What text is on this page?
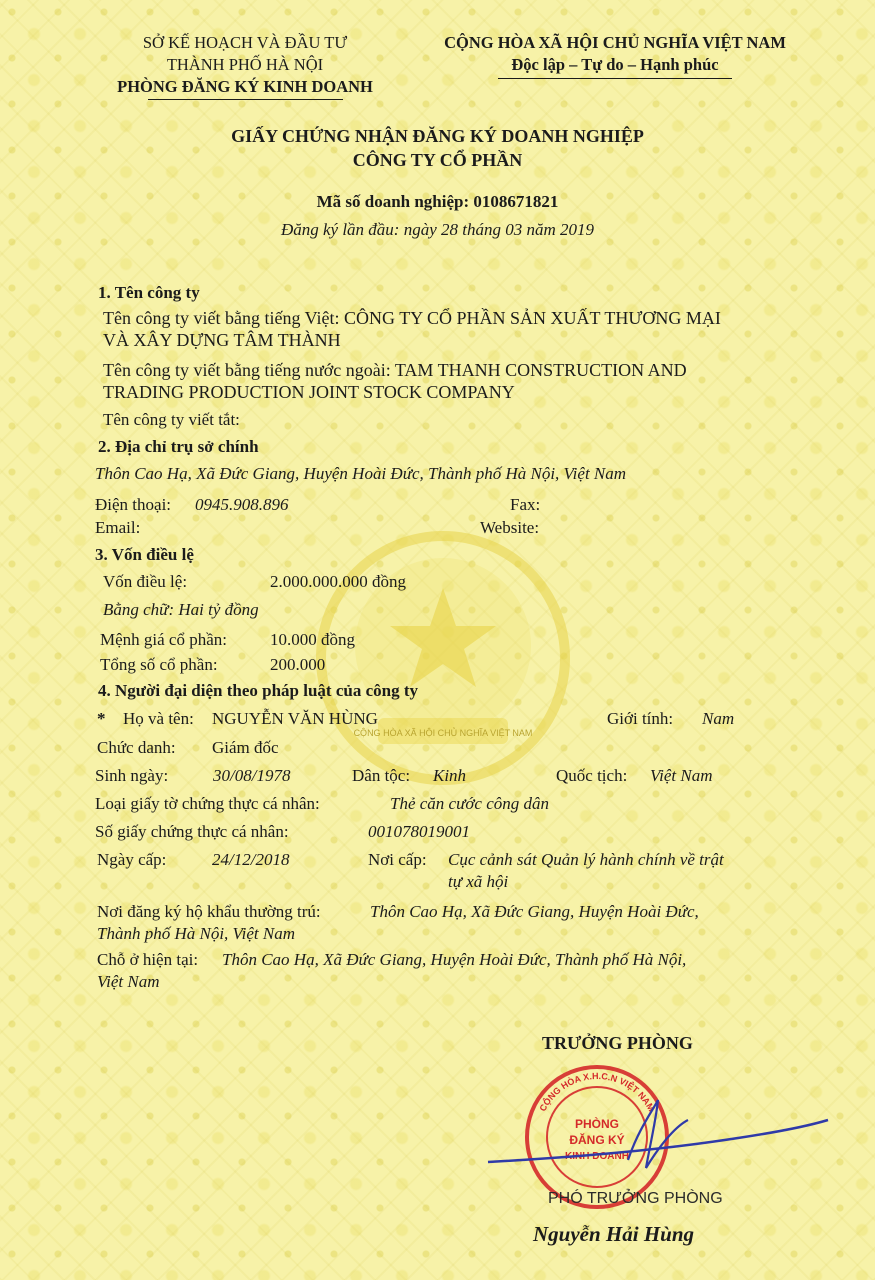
CỘNG HÒA XÃ HỘI CHỦ NGHĨA VIỆT NAM
SỞ KẾ HOẠCH VÀ ĐẦU TƯ
THÀNH PHỐ HÀ NỘI
PHÒNG ĐĂNG KÝ KINH DOANH
CỘNG HÒA XÃ HỘI CHỦ NGHĨA VIỆT NAM
Độc lập – Tự do – Hạnh phúc
GIẤY CHỨNG NHẬN ĐĂNG KÝ DOANH NGHIỆP
CÔNG TY CỔ PHẦN
Mã số doanh nghiệp: 0108671821
Đăng ký lần đầu: ngày 28 tháng 03 năm 2019
1. Tên công ty
Tên công ty viết bằng tiếng Việt: CÔNG TY CỔ PHẦN SẢN XUẤT THƯƠNG MẠI
VÀ XÂY DỰNG TÂM THÀNH
Tên công ty viết bằng tiếng nước ngoài: TAM THANH CONSTRUCTION AND
TRADING PRODUCTION JOINT STOCK COMPANY
Tên công ty viết tắt:
2. Địa chỉ trụ sở chính
Thôn Cao Hạ, Xã Đức Giang, Huyện Hoài Đức, Thành phố Hà Nội, Việt Nam
Điện thoại: 0945.908.896	Fax:
Email:	Website:
3. Vốn điều lệ
Vốn điều lệ:	2.000.000.000 đồng
Bằng chữ: Hai tỷ đồng
Mệnh giá cổ phần:	10.000 đồng
Tổng số cổ phần:	200.000
4. Người đại diện theo pháp luật của công ty
* Họ và tên: NGUYỄN VĂN HÙNG	Giới tính: Nam
Chức danh: Giám đốc
Sinh ngày:	30/08/1978	Dân tộc: Kinh	Quốc tịch: Việt Nam
Loại giấy tờ chứng thực cá nhân:	Thẻ căn cước công dân
Số giấy chứng thực cá nhân:	001078019001
Ngày cấp:	24/12/2018	Nơi cấp: Cục cảnh sát Quản lý hành chính về trật
tự xã hội
Nơi đăng ký hộ khẩu thường trú:	Thôn Cao Hạ, Xã Đức Giang, Huyện Hoài Đức,
Thành phố Hà Nội, Việt Nam
Chỗ ở hiện tại: Thôn Cao Hạ, Xã Đức Giang, Huyện Hoài Đức, Thành phố Hà Nội,
Việt Nam
TRƯỞNG PHÒNG
CỘNG HÒA X.H.C.N VIỆT NAM
PHÒNG
ĐĂNG KÝ
KINH DOANH
PHÓ TRƯỞNG PHÒNG
Nguyễn Hải Hùng
